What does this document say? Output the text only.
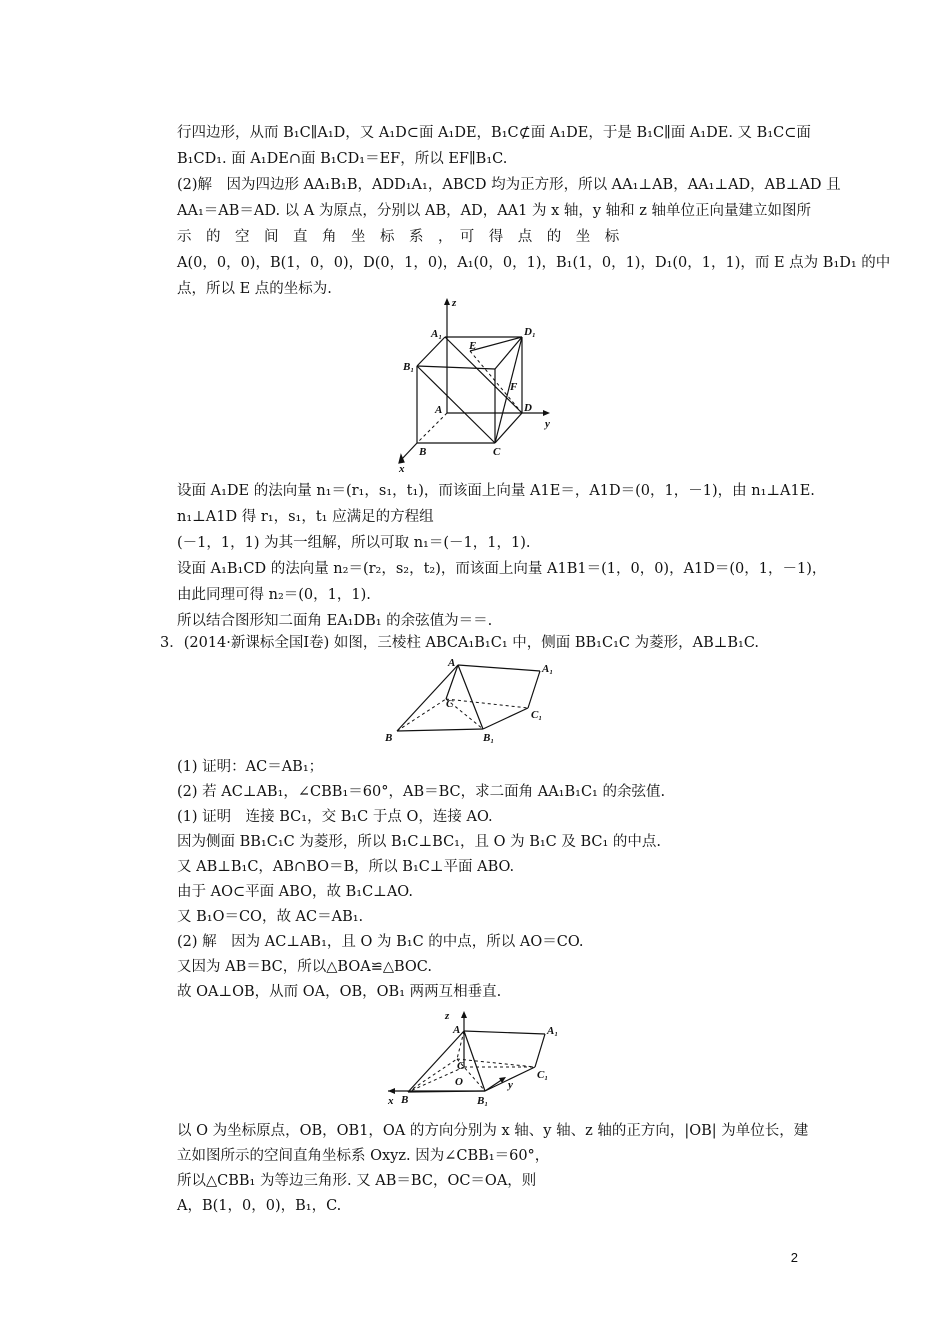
行四边形，从而 B₁C∥A₁D，又 A₁D⊂面 A₁DE，B₁C⊄面 A₁DE，于是 B₁C∥面 A₁DE. 又 B₁C⊂面
B₁CD₁. 面 A₁DE∩面 B₁CD₁＝EF，所以 EF∥B₁C.
(2)解　因为四边形 AA₁B₁B，ADD₁A₁，ABCD 均为正方形，所以 AA₁⊥AB，AA₁⊥AD，AB⊥AD 且
AA₁＝AB＝AD. 以 A 为原点，分别以 AB，AD，AA1 为 x 轴，y 轴和 z 轴单位正向量建立如图所
示　的　空　间　直　角　坐　标　系　，　可　得　点　的　坐　标
A(0，0，0)，B(1，0，0)，D(0，1，0)，A₁(0，0，1)，B₁(1，0，1)，D₁(0，1，1)，而 E 点为 B₁D₁ 的中
点，所以 E 点的坐标为.
z
y
x
A₁	D₁
E
B₁
F
A	D
B	C
设面 A₁DE 的法向量 n₁＝(r₁，s₁，t₁)，而该面上向量 A1E＝，A1D＝(0，1，－1)，由 n₁⊥A1E.
n₁⊥A1D 得 r₁，s₁，t₁ 应满足的方程组
(－1，1，1) 为其一组解，所以可取 n₁＝(－1，1，1).
设面 A₁B₁CD 的法向量 n₂＝(r₂，s₂，t₂)，而该面上向量 A1B1＝(1，0，0)，A1D＝(0，1，－1)，
由此同理可得 n₂＝(0，1，1).
所以结合图形知二面角 EA₁DB₁ 的余弦值为＝＝.
3．(2014·新课标全国Ⅰ卷) 如图，三棱柱 ABCA₁B₁C₁ 中，侧面 BB₁C₁C 为菱形，AB⊥B₁C.
A	A₁
C
C₁
B	B₁
(1) 证明：AC＝AB₁；
(2) 若 AC⊥AB₁，∠CBB₁＝60°，AB＝BC，求二面角 AA₁B₁C₁ 的余弦值.
(1) 证明　连接 BC₁，交 B₁C 于点 O，连接 AO.
因为侧面 BB₁C₁C 为菱形，所以 B₁C⊥BC₁，且 O 为 B₁C 及 BC₁ 的中点.
又 AB⊥B₁C，AB∩BO＝B，所以 B₁C⊥平面 ABO.
由于 AO⊂平面 ABO，故 B₁C⊥AO.
又 B₁O＝CO，故 AC＝AB₁.
(2) 解　因为 AC⊥AB₁，且 O 为 B₁C 的中点，所以 AO＝CO.
又因为 AB＝BC，所以△BOA≌△BOC.
故 OA⊥OB，从而 OA，OB，OB₁ 两两互相垂直.
z
A	A₁
C
C₁
O
x B	B₁
y
以 O 为坐标原点，OB，OB1，OA 的方向分别为 x 轴、y 轴、z 轴的正方向，|OB| 为单位长，建
立如图所示的空间直角坐标系 Oxyz. 因为∠CBB₁＝60°，
所以△CBB₁ 为等边三角形. 又 AB＝BC，OC＝OA，则
A，B(1，0，0)，B₁，C.
2
